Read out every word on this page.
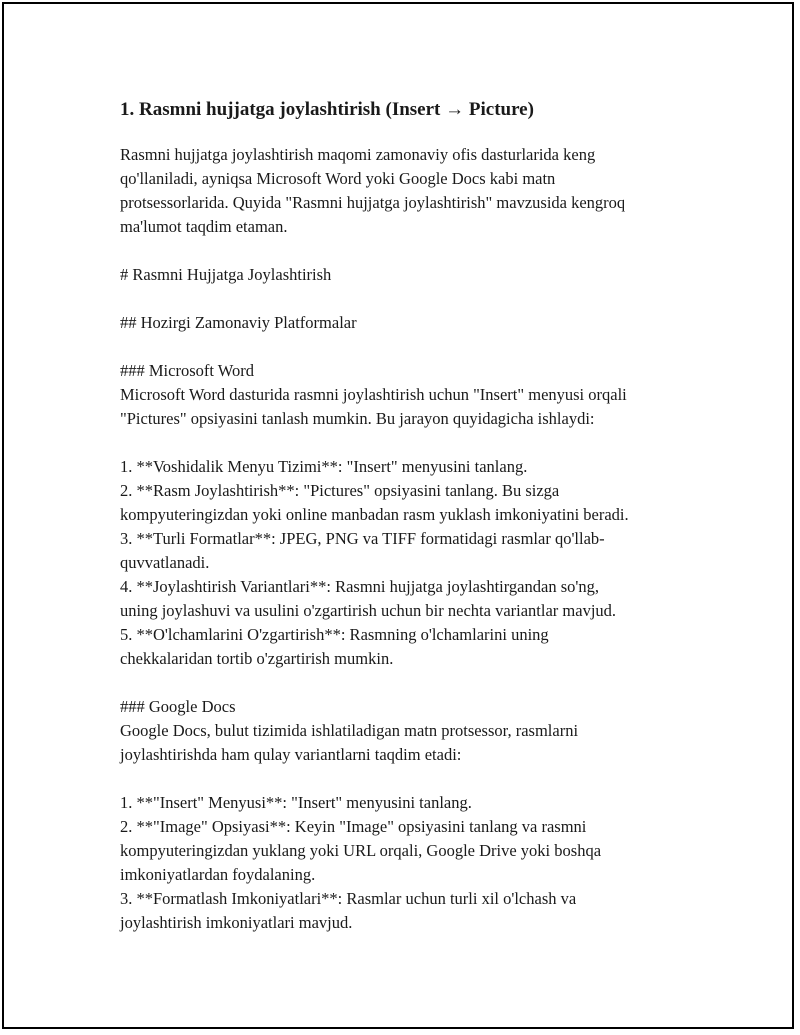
1. Rasmni hujjatga joylashtirish (Insert → Picture)

Rasmni hujjatga joylashtirish maqomi zamonaviy ofis dasturlarida keng
qo'llaniladi, ayniqsa Microsoft Word yoki Google Docs kabi matn
protsessorlarida. Quyida "Rasmni hujjatga joylashtirish" mavzusida kengroq
ma'lumot taqdim etaman.

# Rasmni Hujjatga Joylashtirish

## Hozirgi Zamonaviy Platformalar

### Microsoft Word
Microsoft Word dasturida rasmni joylashtirish uchun "Insert" menyusi orqali
"Pictures" opsiyasini tanlash mumkin. Bu jarayon quyidagicha ishlaydi:

1. **Voshidalik Menyu Tizimi**: "Insert" menyusini tanlang.
2. **Rasm Joylashtirish**: "Pictures" opsiyasini tanlang. Bu sizga
kompyuteringizdan yoki online manbadan rasm yuklash imkoniyatini beradi.
3. **Turli Formatlar**: JPEG, PNG va TIFF formatidagi rasmlar qo'llab-
quvvatlanadi.
4. **Joylashtirish Variantlari**: Rasmni hujjatga joylashtirgandan so'ng,
uning joylashuvi va usulini o'zgartirish uchun bir nechta variantlar mavjud.
5. **O'lchamlarini O'zgartirish**: Rasmning o'lchamlarini uning
chekkalaridan tortib o'zgartirish mumkin.

### Google Docs
Google Docs, bulut tizimida ishlatiladigan matn protsessor, rasmlarni
joylashtirishda ham qulay variantlarni taqdim etadi:

1. **"Insert" Menyusi**: "Insert" menyusini tanlang.
2. **"Image" Opsiyasi**: Keyin "Image" opsiyasini tanlang va rasmni
kompyuteringizdan yuklang yoki URL orqali, Google Drive yoki boshqa
imkoniyatlardan foydalaning.
3. **Formatlash Imkoniyatlari**: Rasmlar uchun turli xil o'lchash va
joylashtirish imkoniyatlari mavjud.
